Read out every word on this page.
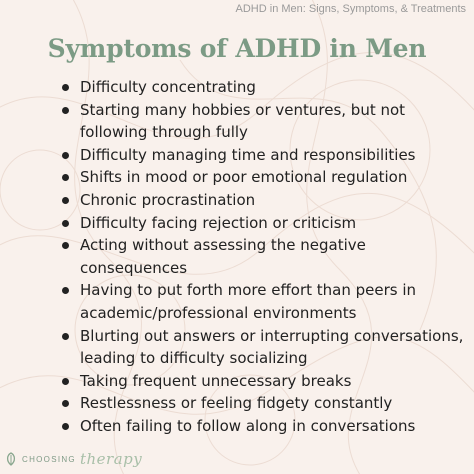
ADHD in Men: Signs, Symptoms, & Treatments
Symptoms of ADHD in Men
Difficulty concentrating
Starting many hobbies or ventures, but not following through fully
Difficulty managing time and responsibilities
Shifts in mood or poor emotional regulation
Chronic procrastination
Difficulty facing rejection or criticism
Acting without assessing the negative consequences
Having to put forth more effort than peers in academic/professional environments
Blurting out answers or interrupting conversations, leading to difficulty socializing
Taking frequent unnecessary breaks
Restlessness or feeling fidgety constantly
Often failing to follow along in conversations
CHOOSING therapy
